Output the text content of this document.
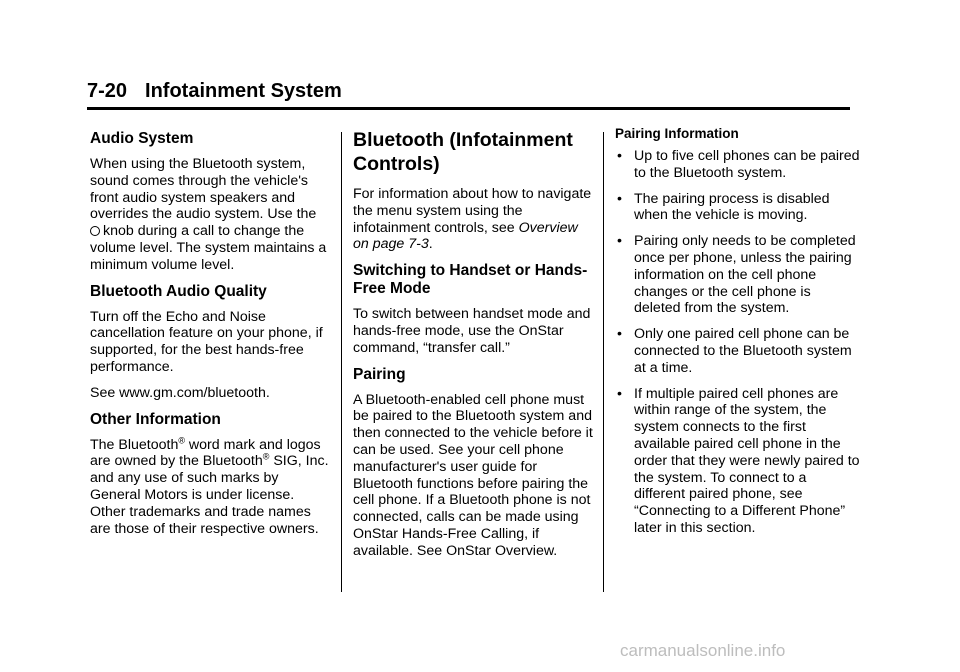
7-20 Infotainment System
Audio System

When using the Bluetooth system, sound comes through the vehicle's front audio system speakers and overrides the audio system. Use the
knob during a call to change the volume level. The system maintains a minimum volume level.

Bluetooth Audio Quality

Turn off the Echo and Noise cancellation feature on your phone, if supported, for the best hands-free performance.

See www.gm.com/bluetooth.

Other Information

The Bluetooth® word mark and logos are owned by the Bluetooth® SIG, Inc. and any use of such marks by General Motors is under license. Other trademarks and trade names are those of their respective owners.

Bluetooth (Infotainment Controls)

For information about how to navigate the menu system using the infotainment controls, see Overview on page 7-3.

Switching to Handset or Hands-Free Mode

To switch between handset mode and hands-free mode, use the OnStar command, “transfer call.”

Pairing

A Bluetooth-enabled cell phone must be paired to the Bluetooth system and then connected to the vehicle before it can be used. See your cell phone manufacturer's user guide for Bluetooth functions before pairing the cell phone. If a Bluetooth phone is not connected, calls can be made using OnStar Hands-Free Calling, if available. See OnStar Overview.

Pairing Information
• Up to five cell phones can be paired to the Bluetooth system.
• The pairing process is disabled when the vehicle is moving.
• Pairing only needs to be completed once per phone, unless the pairing information on the cell phone changes or the cell phone is deleted from the system.
• Only one paired cell phone can be connected to the Bluetooth system at a time.
• If multiple paired cell phones are within range of the system, the system connects to the first available paired cell phone in the order that they were newly paired to the system. To connect to a different paired phone, see “Connecting to a Different Phone” later in this section.
carmanualsonline.info
